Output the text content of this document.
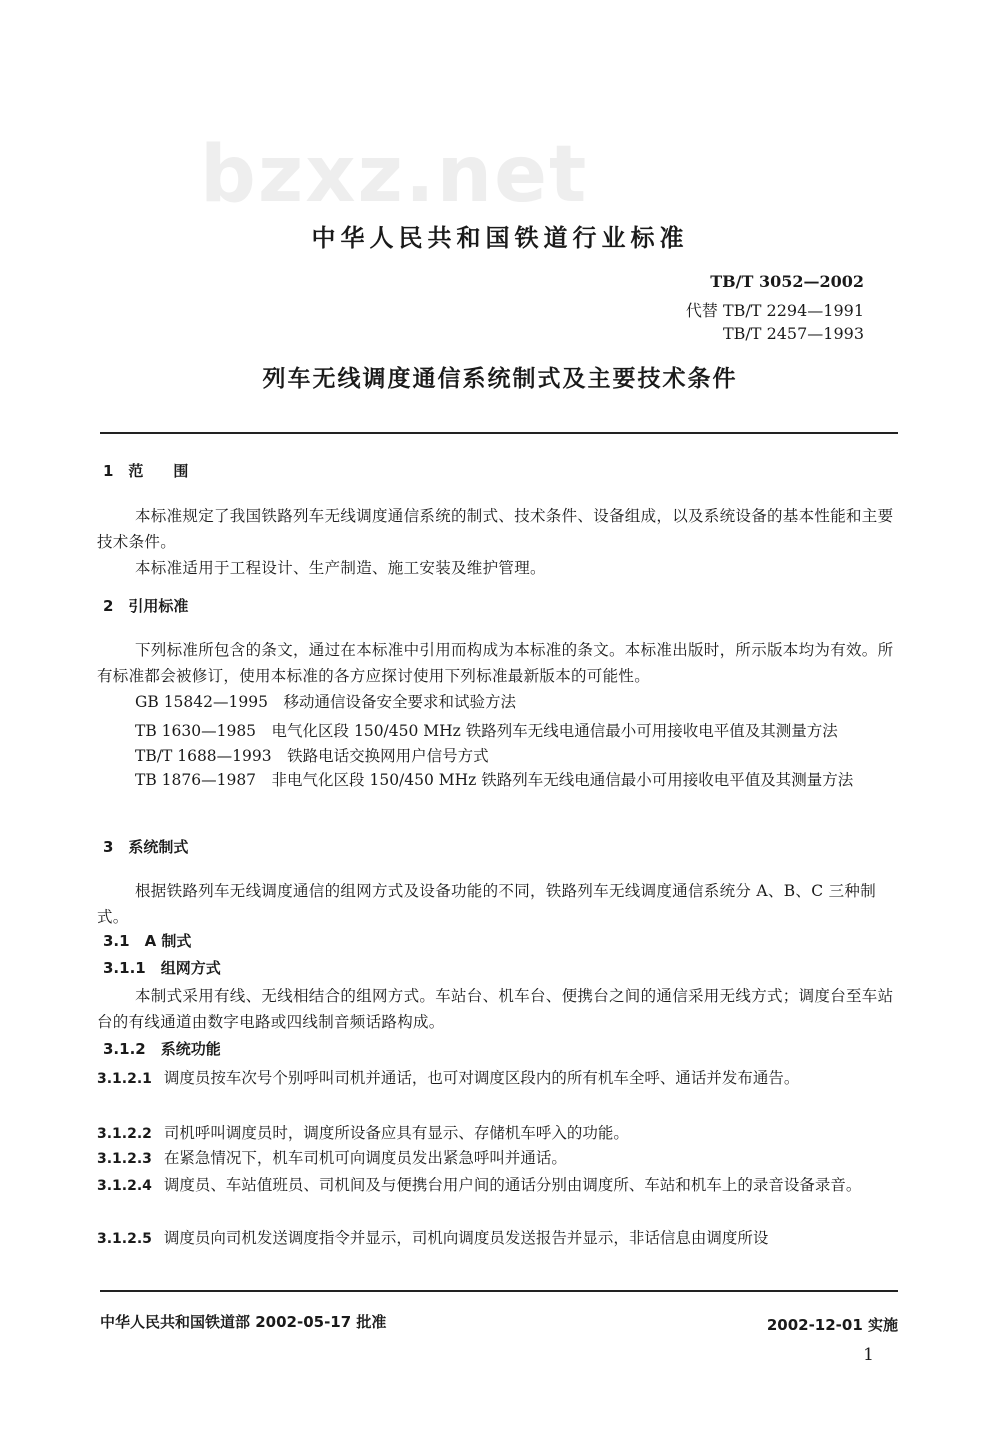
bzxz.net
中华人民共和国铁道行业标准
TB/T 3052—2002
代替 TB/T 2294—1991
TB/T 2457—1993
列车无线调度通信系统制式及主要技术条件
1　范　　围
本标准规定了我国铁路列车无线调度通信系统的制式、技术条件、设备组成，以及系统设备的基本性能和主要技术条件。
本标准适用于工程设计、生产制造、施工安装及维护管理。
2　引用标准
下列标准所包含的条文，通过在本标准中引用而构成为本标准的条文。本标准出版时，所示版本均为有效。所有标准都会被修订，使用本标准的各方应探讨使用下列标准最新版本的可能性。
GB 15842—1995　移动通信设备安全要求和试验方法
TB 1630—1985　电气化区段 150/450 MHz 铁路列车无线电通信最小可用接收电平值及其测量方法
TB/T 1688—1993　铁路电话交换网用户信号方式
TB 1876—1987　非电气化区段 150/450 MHz 铁路列车无线电通信最小可用接收电平值及其测量方法
3　系统制式
根据铁路列车无线调度通信的组网方式及设备功能的不同，铁路列车无线调度通信系统分 A、B、C 三种制式。
3.1　A 制式
3.1.1　组网方式
本制式采用有线、无线相结合的组网方式。车站台、机车台、便携台之间的通信采用无线方式；调度台至车站台的有线通道由数字电路或四线制音频话路构成。
3.1.2　系统功能
3.1.2.1 调度员按车次号个别呼叫司机并通话，也可对调度区段内的所有机车全呼、通话并发布通告。
3.1.2.2 司机呼叫调度员时，调度所设备应具有显示、存储机车呼入的功能。
3.1.2.3 在紧急情况下，机车司机可向调度员发出紧急呼叫并通话。
3.1.2.4 调度员、车站值班员、司机间及与便携台用户间的通话分别由调度所、车站和机车上的录音设备录音。
3.1.2.5 调度员向司机发送调度指令并显示，司机向调度员发送报告并显示，非话信息由调度所设
中华人民共和国铁道部 2002-05-17 批准	2002-12-01 实施
1
